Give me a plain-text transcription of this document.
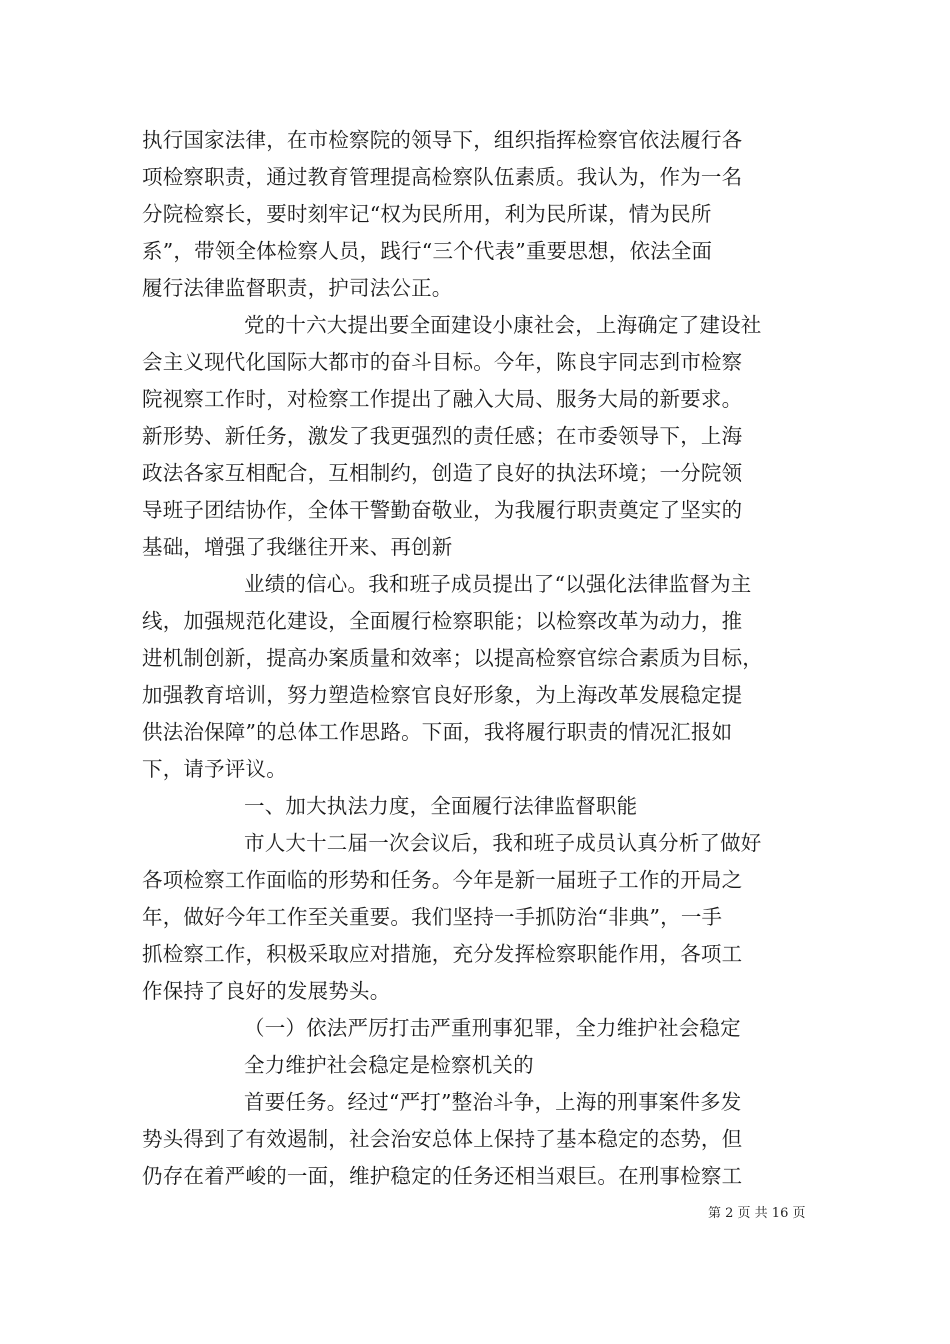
执行国家法律，在市检察院的领导下，组织指挥检察官依法履行各
项检察职责，通过教育管理提高检察队伍素质。我认为，作为一名
分院检察长，要时刻牢记“权为民所用，利为民所谋，情为民所
系”，带领全体检察人员，践行“三个代表”重要思想，依法全面
履行法律监督职责，护司法公正。
党的十六大提出要全面建设小康社会，上海确定了建设社
会主义现代化国际大都市的奋斗目标。今年，陈良宇同志到市检察
院视察工作时，对检察工作提出了融入大局、服务大局的新要求。
新形势、新任务，激发了我更强烈的责任感；在市委领导下，上海
政法各家互相配合，互相制约，创造了良好的执法环境；一分院领
导班子团结协作，全体干警勤奋敬业，为我履行职责奠定了坚实的
基础，增强了我继往开来、再创新
业绩的信心。我和班子成员提出了“以强化法律监督为主
线，加强规范化建设，全面履行检察职能；以检察改革为动力，推
进机制创新，提高办案质量和效率；以提高检察官综合素质为目标，
加强教育培训，努力塑造检察官良好形象，为上海改革发展稳定提
供法治保障”的总体工作思路。下面，我将履行职责的情况汇报如
下，请予评议。
一、加大执法力度，全面履行法律监督职能
市人大十二届一次会议后，我和班子成员认真分析了做好
各项检察工作面临的形势和任务。今年是新一届班子工作的开局之
年，做好今年工作至关重要。我们坚持一手抓防治“非典”，一手
抓检察工作，积极采取应对措施，充分发挥检察职能作用，各项工
作保持了良好的发展势头。
（一）依法严厉打击严重刑事犯罪，全力维护社会稳定
全力维护社会稳定是检察机关的
首要任务。经过“严打”整治斗争，上海的刑事案件多发
势头得到了有效遏制，社会治安总体上保持了基本稳定的态势，但
仍存在着严峻的一面，维护稳定的任务还相当艰巨。在刑事检察工
第 2 页 共 16 页
